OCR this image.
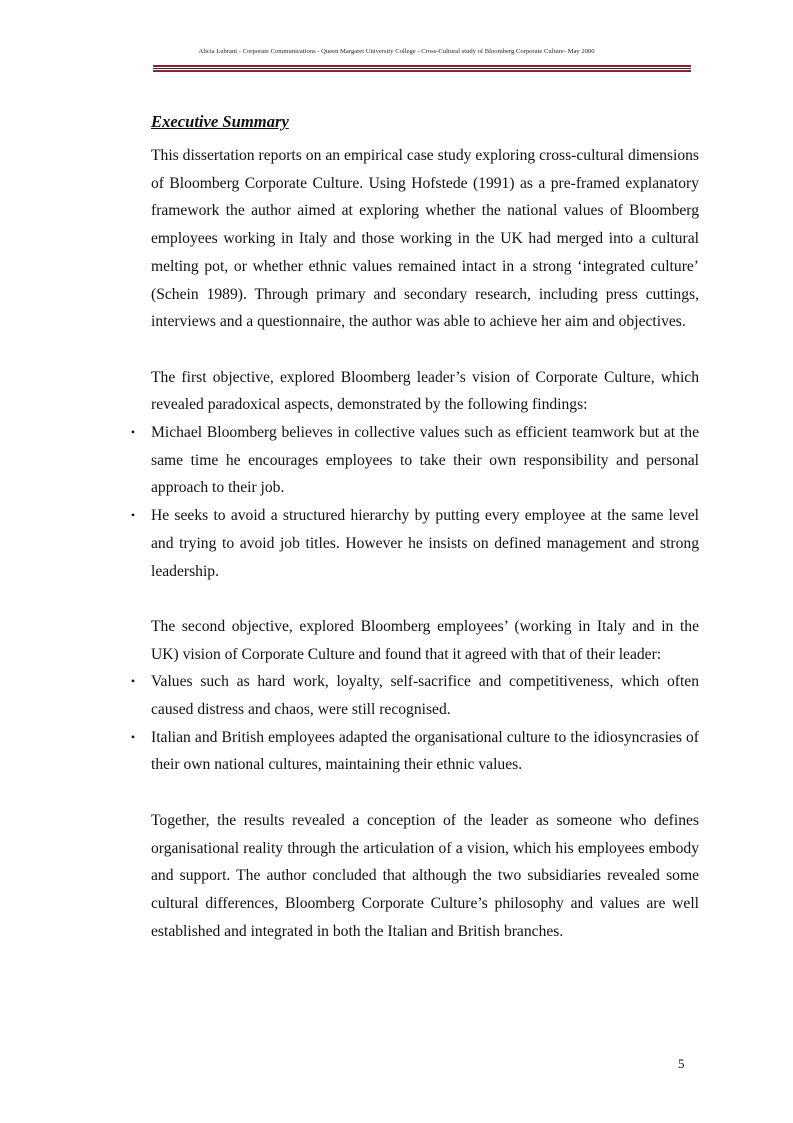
Alicia Lubrani - Corporate Communications - Queen Margaret University College - Cross-Cultural study of Bloomberg Corporate Culture- May 2000
Executive Summary

This dissertation reports on an empirical case study exploring cross-cultural dimensions of Bloomberg Corporate Culture. Using Hofstede (1991) as a pre-framed explanatory framework the author aimed at exploring whether the national values of Bloomberg employees working in Italy and those working in the UK had merged into a cultural melting pot, or whether ethnic values remained intact in a strong ‘integrated culture’ (Schein 1989). Through primary and secondary research, including press cuttings, interviews and a questionnaire, the author was able to achieve her aim and objectives.

The first objective, explored Bloomberg leader’s vision of Corporate Culture, which revealed paradoxical aspects, demonstrated by the following findings:

• Michael Bloomberg believes in collective values such as efficient teamwork but at the same time he encourages employees to take their own responsibility and personal approach to their job.
• He seeks to avoid a structured hierarchy by putting every employee at the same level and trying to avoid job titles. However he insists on defined management and strong leadership.

The second objective, explored Bloomberg employees’ (working in Italy and in the UK) vision of Corporate Culture and found that it agreed with that of their leader:

• Values such as hard work, loyalty, self-sacrifice and competitiveness, which often caused distress and chaos, were still recognised.
• Italian and British employees adapted the organisational culture to the idiosyncrasies of their own national cultures, maintaining their ethnic values.

Together, the results revealed a conception of the leader as someone who defines organisational reality through the articulation of a vision, which his employees embody and support. The author concluded that although the two subsidiaries revealed some cultural differences, Bloomberg Corporate Culture’s philosophy and values are well established and integrated in both the Italian and British branches.

5
